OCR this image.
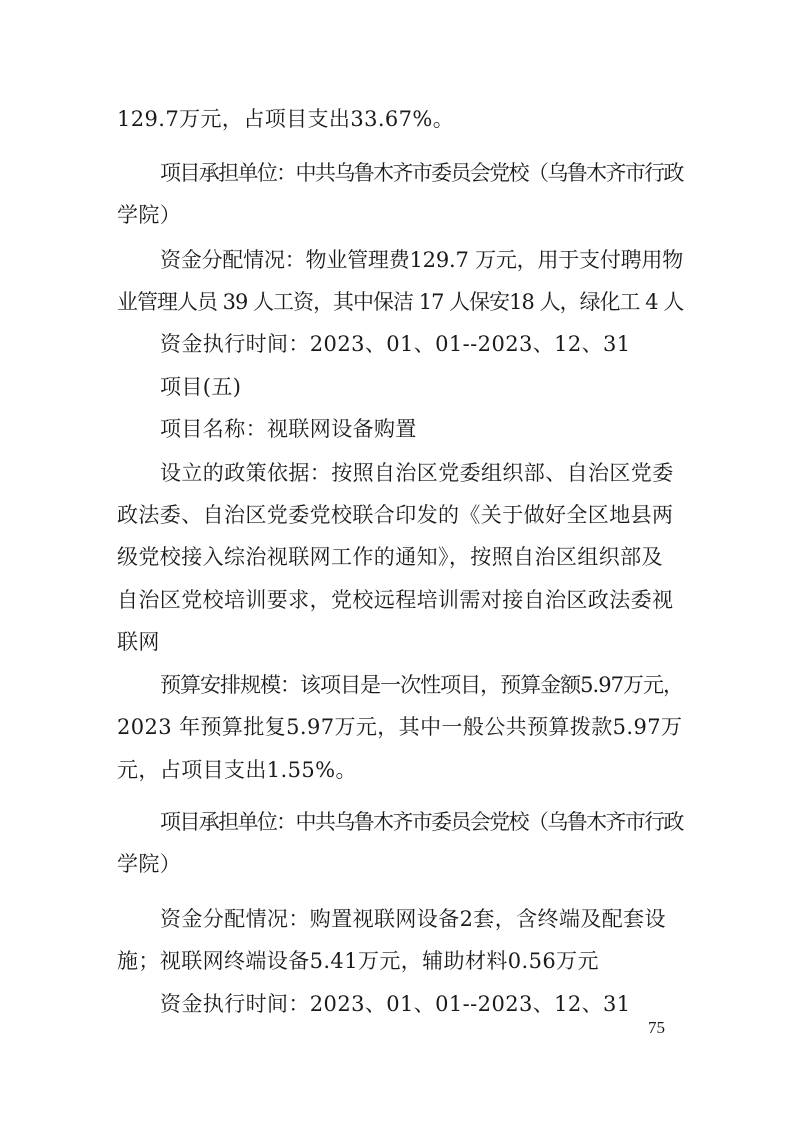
129.7万元，占项目支出33.67%。
项目承担单位：中共乌鲁木齐市委员会党校（乌鲁木齐市行政
学院）
资金分配情况：物业管理费129.7 万元，用于支付聘用物
业管理人员 39 人工资，其中保洁 17 人保安18 人，绿化工 4 人
资金执行时间：2023、01、01--2023、12、31
项目(五)
项目名称：视联网设备购置
设立的政策依据：按照自治区党委组织部、自治区党委
政法委、自治区党委党校联合印发的《关于做好全区地县两
级党校接入综治视联网工作的通知》，按照自治区组织部及
自治区党校培训要求，党校远程培训需对接自治区政法委视
联网
预算安排规模：该项目是一次性项目，预算金额5.97万元，
2023 年预算批复5.97万元，其中一般公共预算拨款5.97万
元，占项目支出1.55%。
项目承担单位：中共乌鲁木齐市委员会党校（乌鲁木齐市行政
学院）
资金分配情况：购置视联网设备2套，含终端及配套设
施；视联网终端设备5.41万元，辅助材料0.56万元
资金执行时间：2023、01、01--2023、12、31
75
